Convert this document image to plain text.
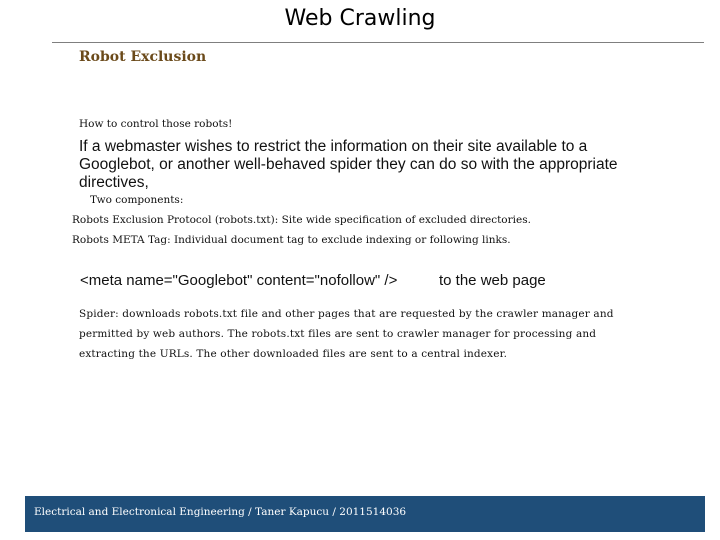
Web Crawling
Robot Exclusion
How to control those robots!

If a webmaster wishes to restrict the information on their site available to a Googlebot, or another well-behaved spider they can do so with the appropriate directives,

Two components:
Robots Exclusion Protocol (robots.txt): Site wide specification of excluded directories.
Robots META Tag: Individual document tag to exclude indexing or following links.
<meta name="Googlebot" content="nofollow" />	to the web page
Spider: downloads robots.txt file and other pages that are requested by the crawler manager and
permitted by web authors. The robots.txt files are sent to crawler manager for processing and
extracting the URLs. The other downloaded files are sent to a central indexer.
Electrical and Electronical Engineering / Taner Kapucu / 2011514036
